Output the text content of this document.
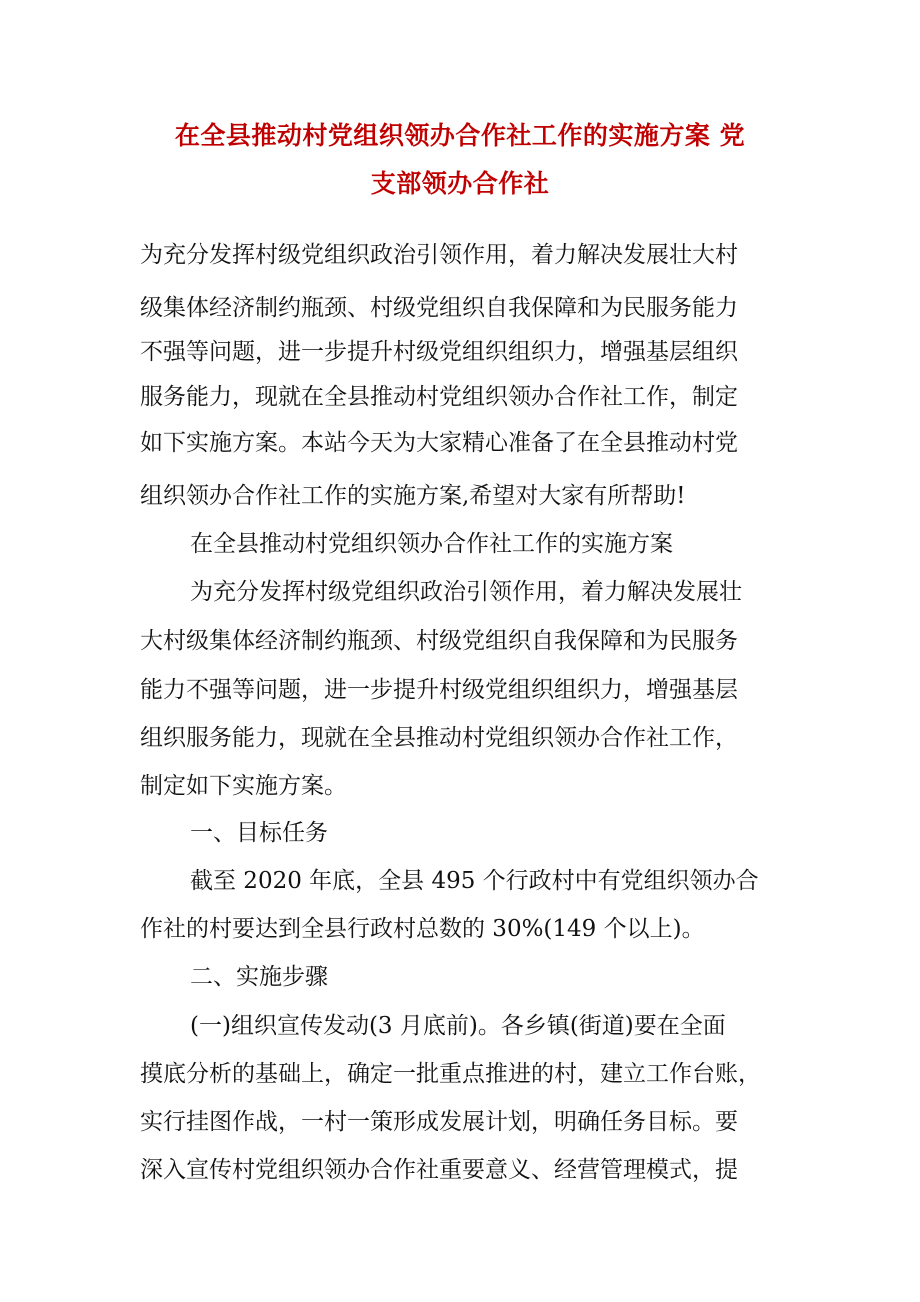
在全县推动村党组织领办合作社工作的实施方案 党
支部领办合作社

为充分发挥村级党组织政治引领作用，着力解决发展壮大村

级集体经济制约瓶颈、村级党组织自我保障和为民服务能力

不强等问题，进一步提升村级党组织组织力，增强基层组织

服务能力，现就在全县推动村党组织领办合作社工作，制定

如下实施方案。本站今天为大家精心准备了在全县推动村党

组织领办合作社工作的实施方案,希望对大家有所帮助!

在全县推动村党组织领办合作社工作的实施方案

为充分发挥村级党组织政治引领作用，着力解决发展壮

大村级集体经济制约瓶颈、村级党组织自我保障和为民服务

能力不强等问题，进一步提升村级党组织组织力，增强基层

组织服务能力，现就在全县推动村党组织领办合作社工作，

制定如下实施方案。

一、目标任务

截至 2020 年底，全县 495 个行政村中有党组织领办合

作社的村要达到全县行政村总数的 30%(149 个以上)。

二、实施步骤

(一)组织宣传发动(3 月底前)。各乡镇(街道)要在全面

摸底分析的基础上，确定一批重点推进的村，建立工作台账，

实行挂图作战，一村一策形成发展计划，明确任务目标。要

深入宣传村党组织领办合作社重要意义、经营管理模式，提
